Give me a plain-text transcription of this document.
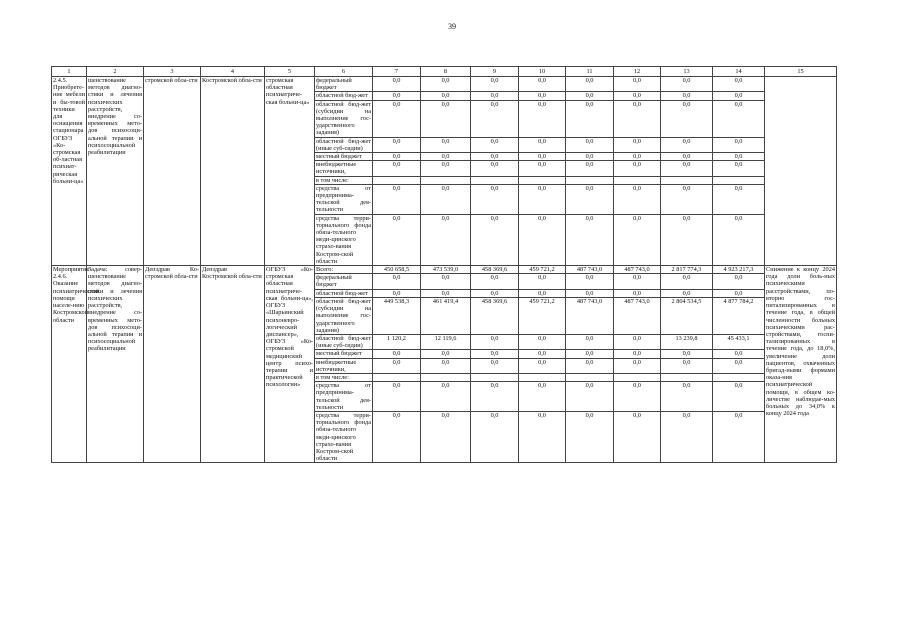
39
1	2	3	4	5	6	7	8	9	10	11	12	13	14	15
2.4.5. Приобрете-ние мебели и бы-товой техники для оснащения стационара ОГБУЗ «Ко-стромская об-ластная психиат-рическая больни-ца»	шенствование методов диагно-стики и лечения психических расстройств, внедрение со-временных мето-дов психосоци-альной терапии и психосоциальной реабилитации	стромской обла-сти	Костромской обла-сти	стромская областная психиатриче-ская больни-ца»	федеральный бюджет	0,0	0,0	0,0	0,0	0,0	0,0	0,0	0,0	
					областной бюд-жет	0,0	0,0	0,0	0,0	0,0	0,0	0,0	0,0	
					областной бюд-жет (субсидии на выполнение гос-ударственного задания)	0,0	0,0	0,0	0,0	0,0	0,0	0,0	0,0	
					областной бюд-жет (иные суб-сидии)	0,0	0,0	0,0	0,0	0,0	0,0	0,0	0,0	
					местный бюджет	0,0	0,0	0,0	0,0	0,0	0,0	0,0	0,0	
					внебюджетные источники,	0,0	0,0	0,0	0,0	0,0	0,0	0,0	0,0	
					в том числе:									
					средства от предпринима-тельской дея-тельности	0,0	0,0	0,0	0,0	0,0	0,0	0,0	0,0	
					средства терри-ториального фонда обяза-тельного меди-цинского страхо-вания Костром-ской области	0,0	0,0	0,0	0,0	0,0	0,0	0,0	0,0	
Мероприятие 2.4.6. Оказание психиатрической помощи населе-нию Костромской области	Задача: совер-шенствование методов диагно-стики и лечения психических расстройств, внедрение со-временных мето-дов психосоци-альной терапии и психосоциальной реабилитации	Депздрав Ко-стромской обла-сти	Депздрав Костромской обла-сти	ОГБУЗ «Ко-стромская областная психиатриче-ская больни-ца», ОГБУЗ «Шарьинский психоневро-логический диспансер», ОГБУЗ «Ко-стромской медицинский центр психо-терапии и практической психологии»	Всего:	450 658,5	473 539,0	458 369,6	459 721,2	487 743,0	487 743,0	2 817 774,3	4 923 217,3	Снижение к концу 2024 года доли боль-ных психическими расстройствами, по-вторно гос-питализированных в течение года, в общей численности больных психическими рас-стройствами, госпи-тализированных в течение года, до 18,0%, увеличение доли пациентов, охваченных бригад-ными формами оказа-ния психиатрической помощи, в общем ко-личестве наблюдае-мых больных до 34,0% к концу 2024 года
					федеральный бюджет	0,0	0,0	0,0	0,0	0,0	0,0	0,0	0,0	
					областной бюд-жет	0,0	0,0	0,0	0,0	0,0	0,0	0,0	0,0	
					областной бюд-жет (субсидии на выполнение гос-ударственного задания)	449 538,3	461 419,4	458 369,6	459 721,2	487 743,0	487 743,0	2 804 534,5	4 877 784,2	
					областной бюд-жет (иные суб-сидии)	1 120,2	12 119,6	0,0	0,0	0,0	0,0	13 239,8	45 433,1	
					местный бюджет	0,0	0,0	0,0	0,0	0,0	0,0	0,0	0,0	
					внебюджетные источники,	0,0	0,0	0,0	0,0	0,0	0,0	0,0	0,0	
					в том числе:									
					средства от предпринима-тельской дея-тельности	0,0	0,0	0,0	0,0	0,0	0,0	0,0	0,0	
					средства терри-ториального фонда обяза-тельного меди-цинского страхо-вания Костром-ской области	0,0	0,0	0,0	0,0	0,0	0,0	0,0	0,0	
